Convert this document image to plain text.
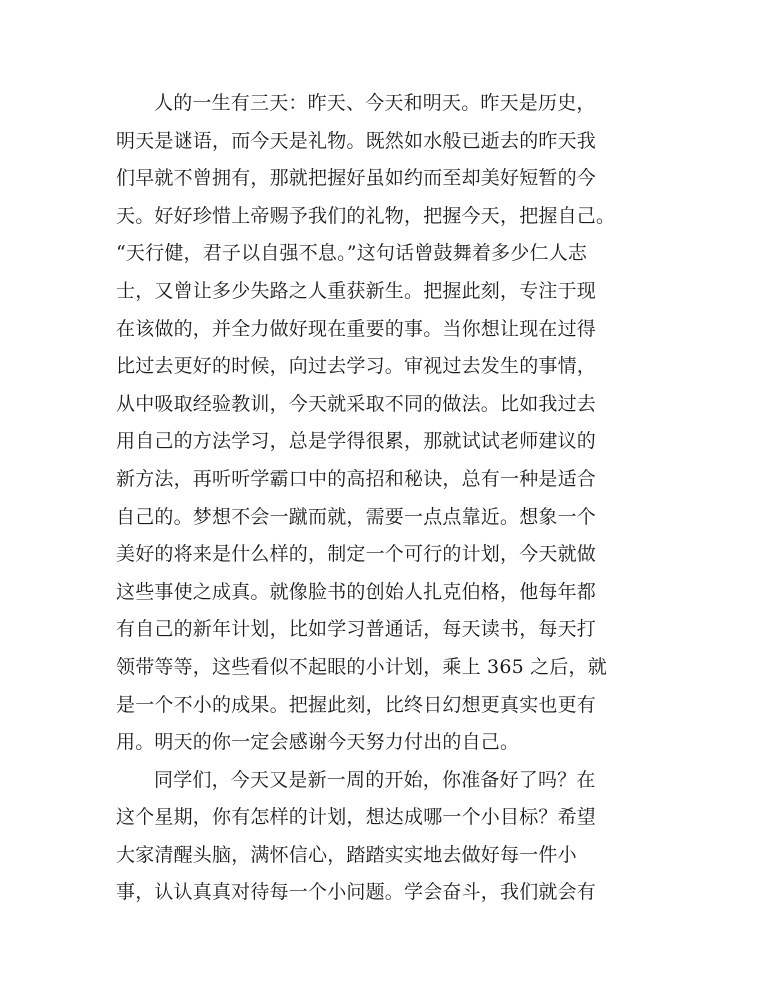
人的一生有三天：昨天、今天和明天。昨天是历史，
明天是谜语，而今天是礼物。既然如水般已逝去的昨天我
们早就不曾拥有，那就把握好虽如约而至却美好短暂的今
天。好好珍惜上帝赐予我们的礼物，把握今天，把握自己。
“天行健，君子以自强不息。”这句话曾鼓舞着多少仁人志
士，又曾让多少失路之人重获新生。把握此刻，专注于现
在该做的，并全力做好现在重要的事。当你想让现在过得
比过去更好的时候，向过去学习。审视过去发生的事情，
从中吸取经验教训，今天就采取不同的做法。比如我过去
用自己的方法学习，总是学得很累，那就试试老师建议的
新方法，再听听学霸口中的高招和秘诀，总有一种是适合
自己的。梦想不会一蹴而就，需要一点点靠近。想象一个
美好的将来是什么样的，制定一个可行的计划，今天就做
这些事使之成真。就像脸书的创始人扎克伯格，他每年都
有自己的新年计划，比如学习普通话，每天读书，每天打
领带等等，这些看似不起眼的小计划，乘上 365 之后，就
是一个不小的成果。把握此刻，比终日幻想更真实也更有
用。明天的你一定会感谢今天努力付出的自己。
同学们，今天又是新一周的开始，你准备好了吗？在
这个星期，你有怎样的计划，想达成哪一个小目标？希望
大家清醒头脑，满怀信心，踏踏实实地去做好每一件小
事，认认真真对待每一个小问题。学会奋斗，我们就会有
